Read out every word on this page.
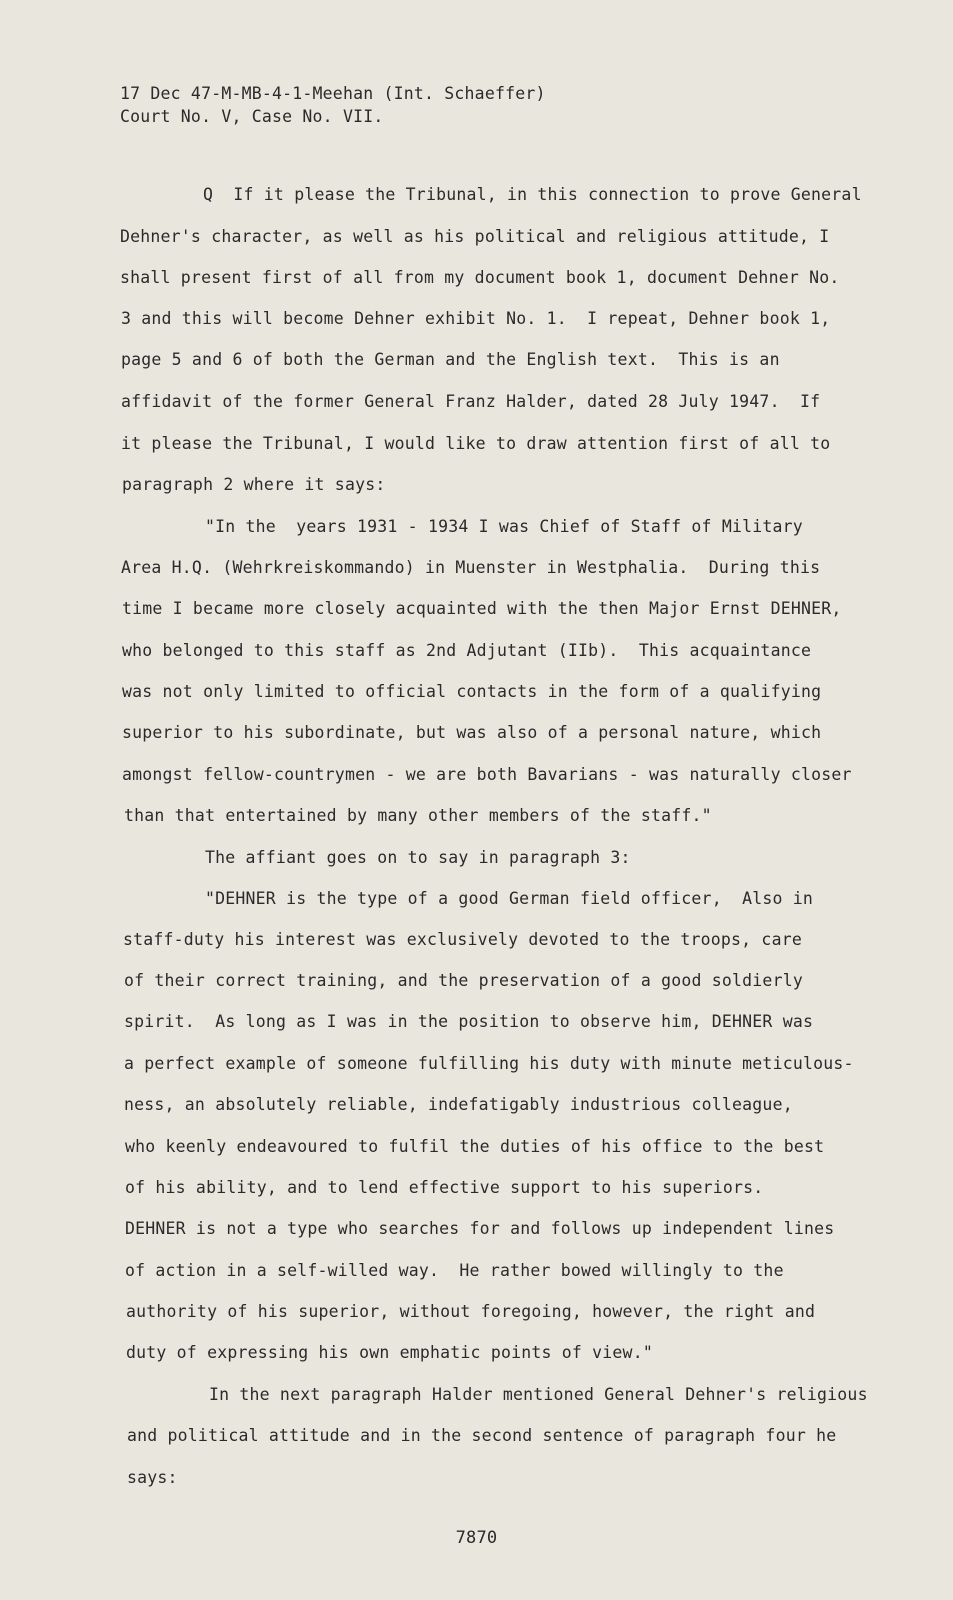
17 Dec 47-M-MB-4-1-Meehan (Int. Schaeffer)
Court No. V, Case No. VII.
Q  If it please the Tribunal, in this connection to prove General
Dehner's character, as well as his political and religious attitude, I
shall present first of all from my document book 1, document Dehner No.
3 and this will become Dehner exhibit No. 1.  I repeat, Dehner book 1,
page 5 and 6 of both the German and the English text.  This is an
affidavit of the former General Franz Halder, dated 28 July 1947.  If
it please the Tribunal, I would like to draw attention first of all to
paragraph 2 where it says:
"In the  years 1931 - 1934 I was Chief of Staff of Military
Area H.Q. (Wehrkreiskommando) in Muenster in Westphalia.  During this
time I became more closely acquainted with the then Major Ernst DEHNER,
who belonged to this staff as 2nd Adjutant (IIb).  This acquaintance
was not only limited to official contacts in the form of a qualifying
superior to his subordinate, but was also of a personal nature, which
amongst fellow-countrymen - we are both Bavarians - was naturally closer
than that entertained by many other members of the staff."
The affiant goes on to say in paragraph 3:
"DEHNER is the type of a good German field officer,  Also in
staff-duty his interest was exclusively devoted to the troops, care
of their correct training, and the preservation of a good soldierly
spirit.  As long as I was in the position to observe him, DEHNER was
a perfect example of someone fulfilling his duty with minute meticulous-
ness, an absolutely reliable, indefatigably industrious colleague,
who keenly endeavoured to fulfil the duties of his office to the best
of his ability, and to lend effective support to his superiors.
DEHNER is not a type who searches for and follows up independent lines
of action in a self-willed way.  He rather bowed willingly to the
authority of his superior, without foregoing, however, the right and
duty of expressing his own emphatic points of view."
In the next paragraph Halder mentioned General Dehner's religious
and political attitude and in the second sentence of paragraph four he
says:
7870
